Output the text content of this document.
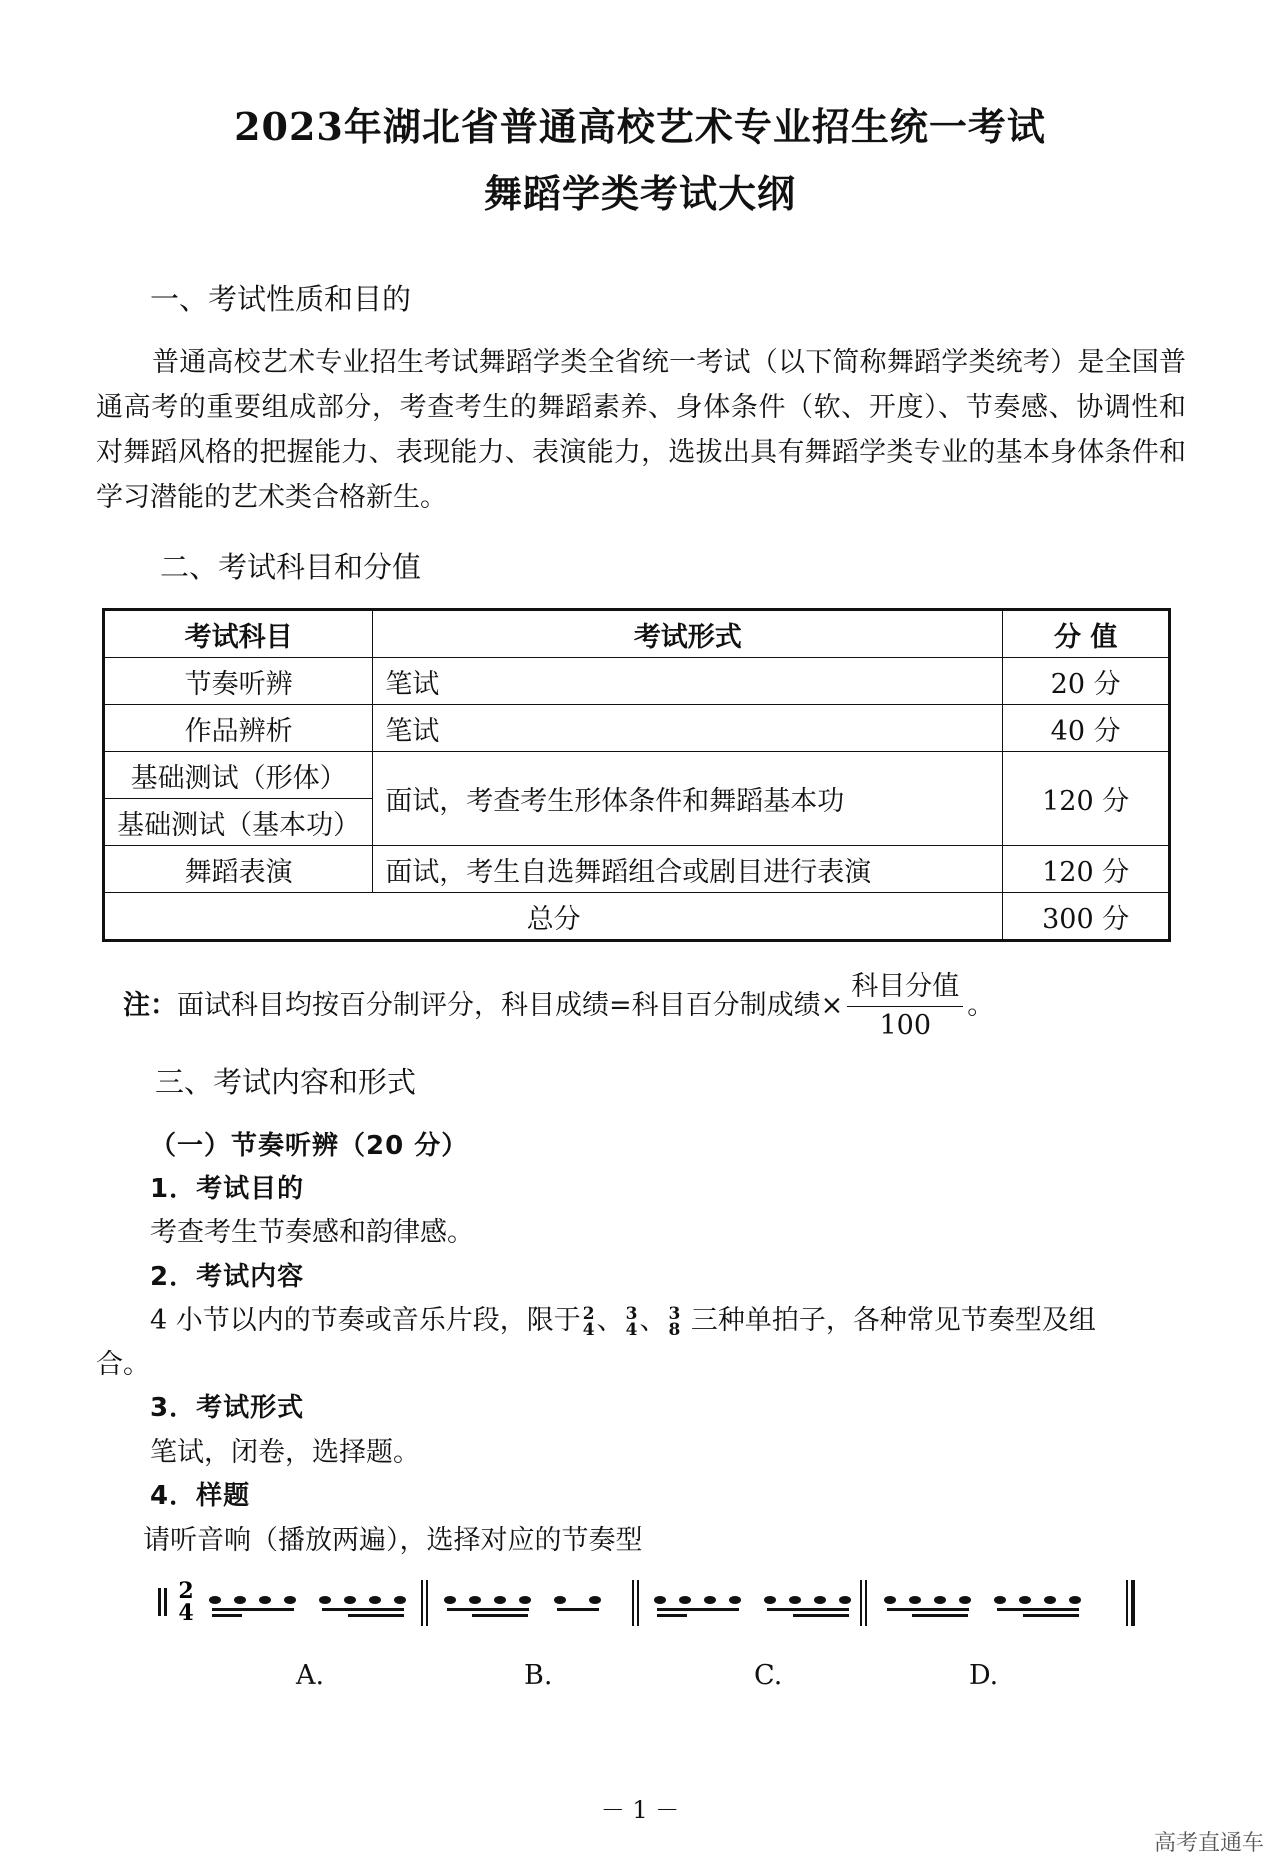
2023年湖北省普通高校艺术专业招生统一考试
舞蹈学类考试大纲
一、考试性质和目的
普通高校艺术专业招生考试舞蹈学类全省统一考试（以下简称舞蹈学类统考）是全国普通高考的重要组成部分，考查考生的舞蹈素养、身体条件（软、开度）、节奏感、协调性和对舞蹈风格的把握能力、表现能力、表演能力，选拔出具有舞蹈学类专业的基本身体条件和学习潜能的艺术类合格新生。
二、考试科目和分值
考试科目	考试形式	分 值
节奏听辨	笔试	20 分
作品辨析	笔试	40 分
基础测试（形体）	面试，考查考生形体条件和舞蹈基本功	120 分
基础测试（基本功）		
舞蹈表演	面试，考生自选舞蹈组合或剧目进行表演	120 分
总分		300 分
注：面试科目均按百分制评分，科目成绩=科目百分制成绩× $\frac{\text{科目分值}}{100}$ 。
三、考试内容和形式
（一）节奏听辨（20 分）
1．考试目的
考查考生节奏感和韵律感。
2．考试内容
4 小节以内的节奏或音乐片段，限于 2
4 、 3
4 、 3
8 三种单拍子，各种常见节奏型及组
合。
3．考试形式
笔试，闭卷，选择题。
4．样题
请听音响（播放两遍），选择对应的节奏型
2
4
A.	B.	C.	D.
－ 1 －
高考直通车
